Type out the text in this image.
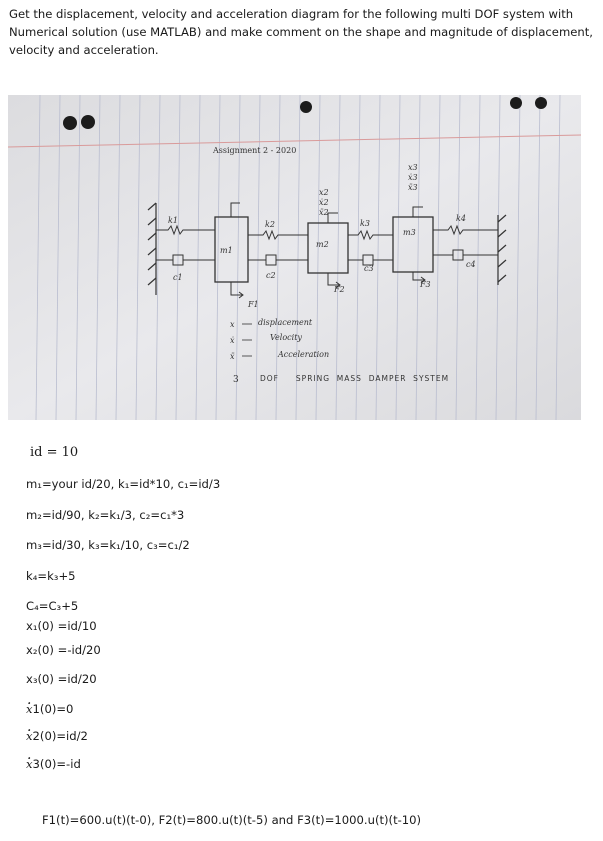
Get the displacement, velocity and acceleration diagram for the following multi DOF system with

Numerical solution (use MATLAB) and make comment on the shape and magnitude of displacement,

velocity and acceleration.

Assignment 2 - 2020
m1
m2
m3
k1	k2	k3
k4
c1	c2
c3	c4
F1
F2
F3
x2
ẋ2
ẍ2
x3
ẋ3
ẍ3
x	displacement
ẋ	Velocity
ẍ	Acceleration
3	DOF     SPRING  MASS  DAMPER  SYSTEM
id = 10
m₁=your id/20, k₁=id*10, c₁=id/3
m₂=id/90, k₂=k₁/3, c₂=c₁*3
m₃=id/30, k₃=k₁/10, c₃=c₁/2
k₄=k₃+5
C₄=C₃+5
x₁(0) =id/10
x₂(0) =-id/20
x₃(0) =id/20
. x1(0)=0
. x2(0)=id/2
. x3(0)=-id
F1(t)=600.u(t)(t-0), F2(t)=800.u(t)(t-5) and F3(t)=1000.u(t)(t-10)
